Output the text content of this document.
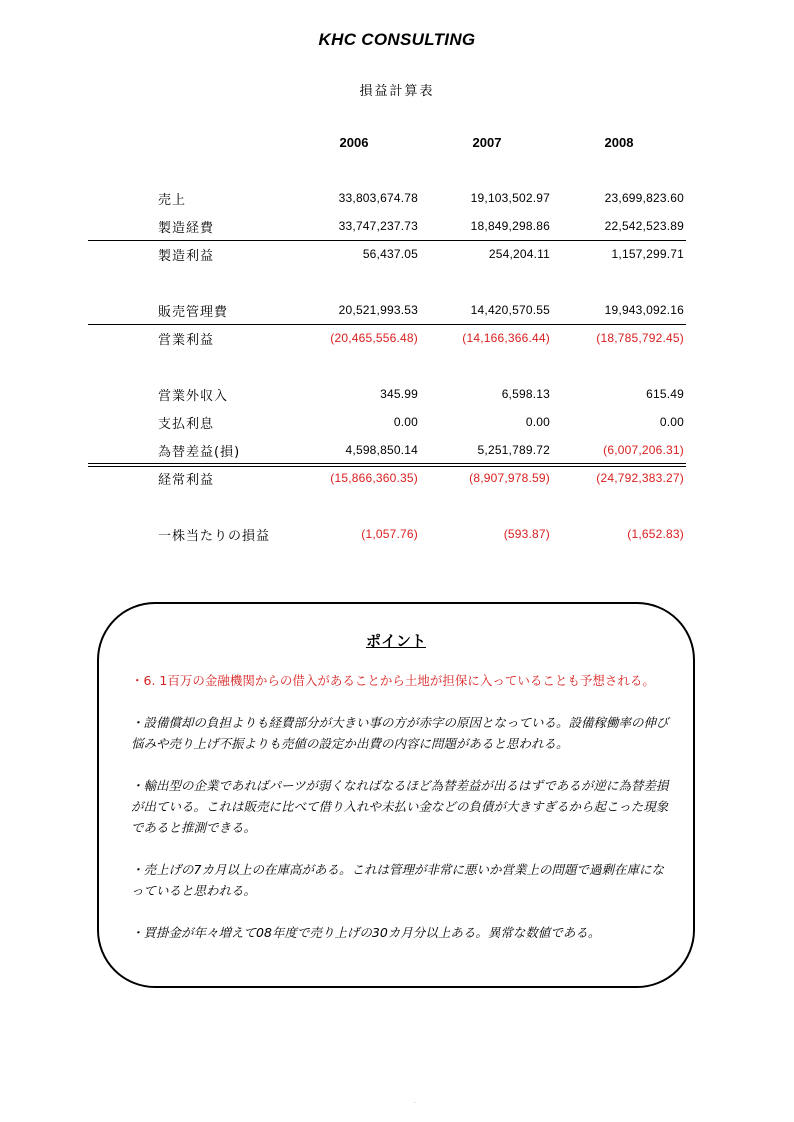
KHC CONSULTING
損益計算表
2006	2007	2008
売上	33,803,674.78	19,103,502.97	23,699,823.60
製造経費	33,747,237.73	18,849,298.86	22,542,523.89
製造利益	56,437.05	254,204.11	1,157,299.71
販売管理費	20,521,993.53	14,420,570.55	19,943,092.16
営業利益	(20,465,556.48)	(14,166,366.44)	(18,785,792.45)
営業外収入	345.99	6,598.13	615.49
支払利息	0.00	0.00	0.00
為替差益(損)	4,598,850.14	5,251,789.72	(6,007,206.31)
経常利益	(15,866,360.35)	(8,907,978.59)	(24,792,383.27)
一株当たりの損益	(1,057.76)	(593.87)	(1,652.83)
ポイント

・6. 1百万の金融機関からの借入があることから土地が担保に入っていることも予想される。

・設備償却の負担よりも経費部分が大きい事の方が赤字の原因となっている。設備稼働率の伸び悩みや売り上げ不振よりも売値の設定か出費の内容に問題があると思われる。

・輸出型の企業であればパーツが弱くなればなるほど為替差益が出るはずであるが逆に為替差損が出ている。これは販売に比べて借り入れや未払い金などの負債が大きすぎるから起こった現象であると推測できる。

・売上げの7カ月以上の在庫高がある。これは管理が非常に悪いか営業上の問題で過剰在庫になっていると思われる。

・買掛金が年々増えて08年度で売り上げの30カ月分以上ある。異常な数値である。

.
